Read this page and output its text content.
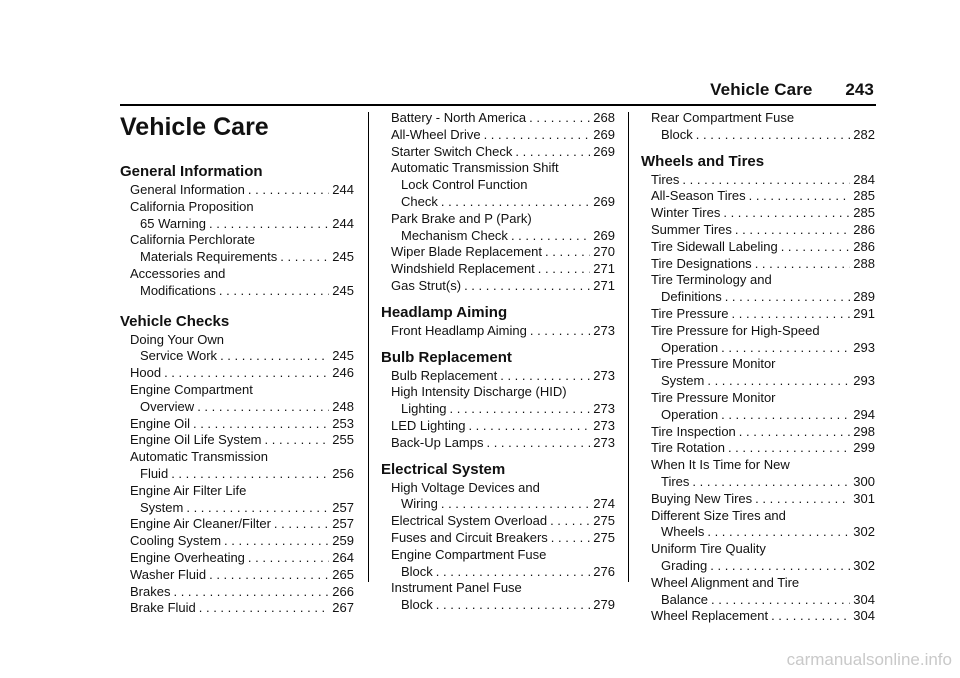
Vehicle Care 243
Vehicle Care
General Information
General Information . . .	244
California Proposition
65 Warning . . .	244
California Perchlorate
Materials Requirements . . .	245
Accessories and
Modifications . . .	245
Vehicle Checks
Doing Your Own
Service Work . . .	245
Hood . . .	246
Engine Compartment
Overview . . .	248
Engine Oil . . .	253
Engine Oil Life System . . .	255
Automatic Transmission
Fluid . . .	256
Engine Air Filter Life
System . . .	257
Engine Air Cleaner/Filter . . .	257
Cooling System . . .	259
Engine Overheating . . .	264
Washer Fluid . . .	265
Brakes . . .	266
Brake Fluid . . .	267
Battery - North America . . .	268
All-Wheel Drive . . .	269
Starter Switch Check . . .	269
Automatic Transmission Shift
Lock Control Function
Check . . .	269
Park Brake and P (Park)
Mechanism Check . . .	269
Wiper Blade Replacement . . .	270
Windshield Replacement . . .	271
Gas Strut(s) . . .	271
Headlamp Aiming
Front Headlamp Aiming . . .	273
Bulb Replacement
Bulb Replacement . . .	273
High Intensity Discharge (HID)
Lighting . . .	273
LED Lighting . . .	273
Back-Up Lamps . . .	273
Electrical System
High Voltage Devices and
Wiring . . .	274
Electrical System Overload . . .	275
Fuses and Circuit Breakers . . .	275
Engine Compartment Fuse
Block . . .	276
Instrument Panel Fuse
Block . . .	279
Rear Compartment Fuse
Block . . .	282
Wheels and Tires
Tires . . .	284
All-Season Tires . . .	285
Winter Tires . . .	285
Summer Tires . . .	286
Tire Sidewall Labeling . . .	286
Tire Designations . . .	288
Tire Terminology and
Definitions . . .	289
Tire Pressure . . .	291
Tire Pressure for High-Speed
Operation . . .	293
Tire Pressure Monitor
System . . .	293
Tire Pressure Monitor
Operation . . .	294
Tire Inspection . . .	298
Tire Rotation . . .	299
When It Is Time for New
Tires . . .	300
Buying New Tires . . .	301
Different Size Tires and
Wheels . . .	302
Uniform Tire Quality
Grading . . .	302
Wheel Alignment and Tire
Balance . . .	304
Wheel Replacement . . .	304
carmanualsonline.info
